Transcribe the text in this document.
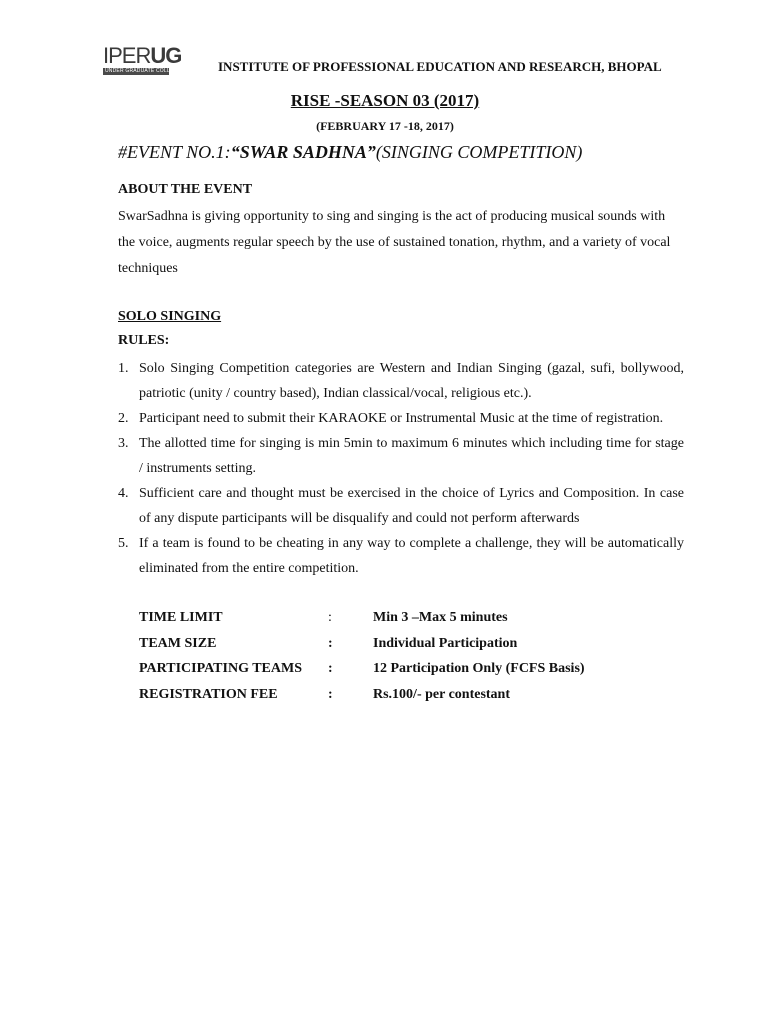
IPERUG
UNDER GRADUATE COLLEGE	INSTITUTE OF PROFESSIONAL EDUCATION AND RESEARCH, BHOPAL
RISE -SEASON 03 (2017)
(FEBRUARY 17 -18, 2017)
#EVENT NO.1:“SWAR SADHNA”(SINGING COMPETITION)
ABOUT THE EVENT
SwarSadhna is giving opportunity to sing and singing is the act of producing musical sounds with the voice, augments regular speech by the use of sustained tonation, rhythm, and a variety of vocal techniques
SOLO SINGING
RULES:
1. Solo Singing Competition categories are Western and Indian Singing (gazal, sufi, bollywood, patriotic (unity / country based), Indian classical/vocal, religious etc.).
2. Participant need to submit their KARAOKE or Instrumental Music at the time of registration.
3. The allotted time for singing is min 5min to maximum 6 minutes which including time for stage / instruments setting.
4. Sufficient care and thought must be exercised in the choice of Lyrics and Composition. In case of any dispute participants will be disqualify and could not perform afterwards
5. If a team is found to be cheating in any way to complete a challenge, they will be automatically eliminated from the entire competition.
TIME LIMIT	:	Min 3 –Max 5 minutes
TEAM SIZE	:	Individual Participation
PARTICIPATING TEAMS :	12 Participation Only (FCFS Basis)
REGISTRATION FEE	:	Rs.100/- per contestant
